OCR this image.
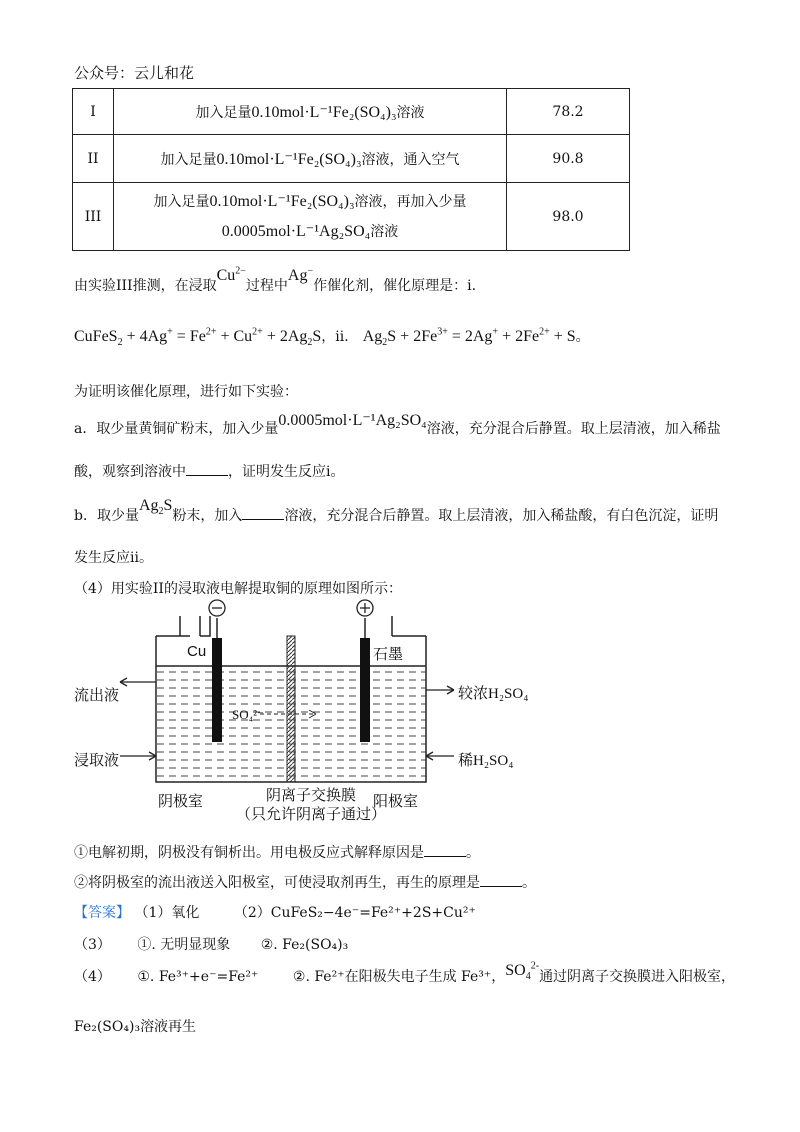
公众号：云儿和花
I	加入足量0.10mol·L⁻¹Fe₂(SO₄)₃溶液	78.2
II	加入足量0.10mol·L⁻¹Fe₂(SO₄)₃溶液，通入空气	90.8
III	加入足量0.10mol·L⁻¹Fe₂(SO₄)₃溶液，再加入少量
0.0005mol·L⁻¹Ag₂SO₄溶液	98.0
由实验III推测，在浸取$Cu^{2-}$过程中Ag−作催化剂，催化原理是：i.
CuFeS$_2$ + $4Ag^+ = Fe^{2+} + Cu^{2+} + 2Ag_2S$，ⅱ． $Ag_2S + 2Fe^{3+} = 2Ag^+ + 2Fe^{2+} + S$。
为证明该催化原理，进行如下实验：
a．取少量黄铜矿粉末，加入少量0.0005mol·L⁻¹Ag₂SO₄溶液，充分混合后静置。取上层清液，加入稀盐
酸，观察到溶液中	，证明发生反应i。
b．取少量$Ag_2S$粉末，加入	溶液，充分混合后静置。取上层清液，加入稀盐酸，有白色沉淀，证明
发生反应ⅱ。
（4）用实验II的浸取液电解提取铜的原理如图所示：
Cu	石墨
流出液
浸取液
较浓H₂SO₄
稀H₂SO₄
SO₄²⁻
阴极室	阴离子交换膜
（只允许阴离子通过）
阳极室
①电解初期，阴极没有铜析出。用电极反应式解释原因是	。
②将阴极室的流出液送入阳极室，可使浸取剂再生，再生的原理是	。
【答案】 （1）氧化 （2）CuFeS₂−4e⁻=Fe²⁺+2S+Cu²⁺
（3） ①. 无明显现象 ②. Fe₂(SO₄)₃
（4） ①. Fe³⁺+e⁻=Fe²⁺ ②. Fe²⁺在阳极失电子生成 Fe³⁺，$SO_4^{2-}$通过阴离子交换膜进入阳极室，
Fe₂(SO₄)₃溶液再生
